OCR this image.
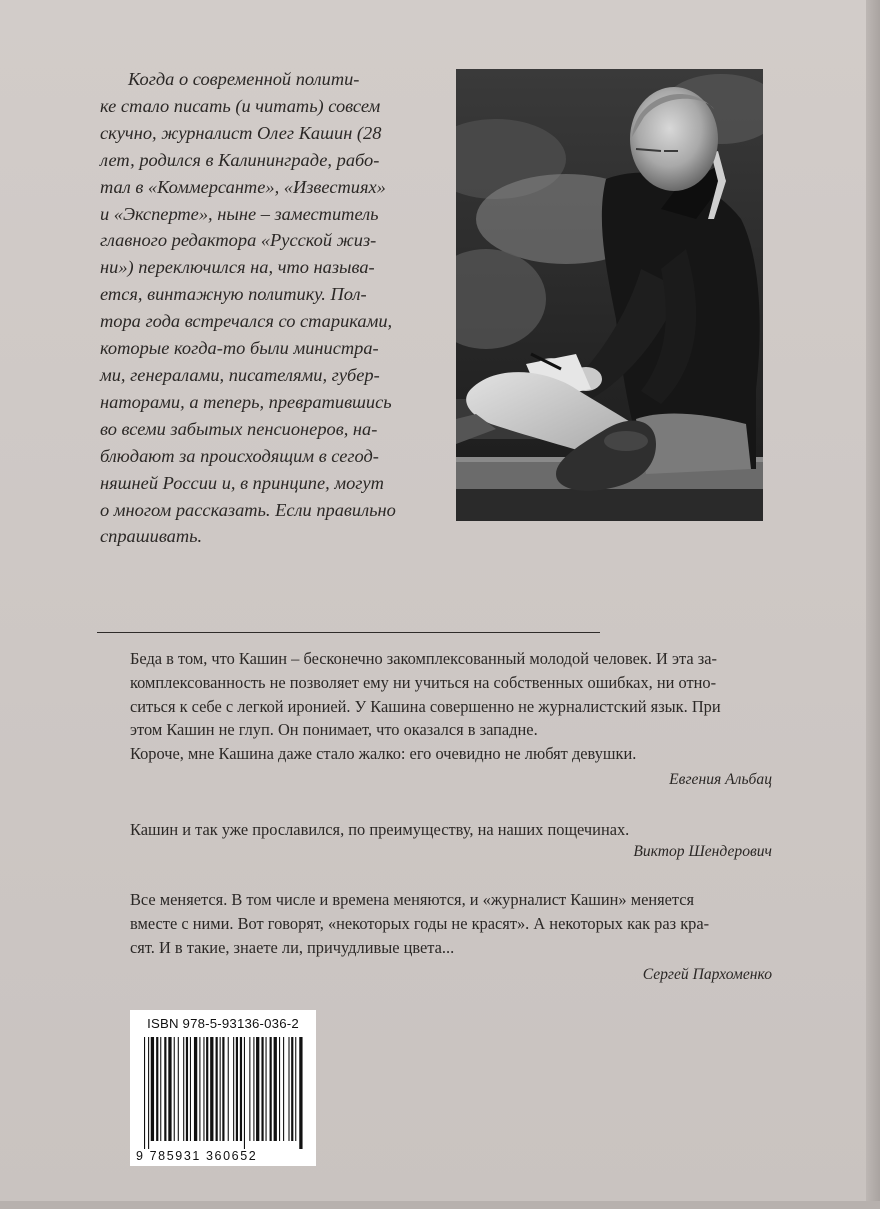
Когда о современной полити-
ке стало писать (и читать) совсем
скучно, журналист Олег Кашин (28
лет, родился в Калининграде, рабо-
тал в «Коммерсанте», «Известиях»
и «Эксперте», ныне – заместитель
главного редактора «Русской жиз-
ни») переключился на, что называ-
ется, винтажную политику. Пол-
тора года встречался со стариками,
которые когда-то были министра-
ми, генералами, писателями, губер-
наторами, а теперь, превратившись
во всеми забытых пенсионеров, на-
блюдают за происходящим в сегод-
няшней России и, в принципе, могут
о многом рассказать. Если правильно
спрашивать.

Беда в том, что Кашин – бесконечно закомплексованный молодой человек. И эта за-

комплексованность не позволяет ему ни учиться на собственных ошибках, ни отно-

ситься к себе с легкой иронией. У Кашина совершенно не журналистский язык. При

этом Кашин не глуп. Он понимает, что оказался в западне.

Короче, мне Кашина даже стало жалко: его очевидно не любят девушки.

Евгения Альбац

Кашин и так уже прославился, по преимуществу, на наших пощечинах.

Виктор Шендерович

Все меняется. В том числе и времена меняются, и «журналист Кашин» меняется

вместе с ними. Вот говорят, «некоторых годы не красят». А некоторых как раз кра-

сят. И в такие, знаете ли, причудливые цвета...

Сергей Пархоменко
ISBN 978-5-93136-036-2
9 785931 360652
